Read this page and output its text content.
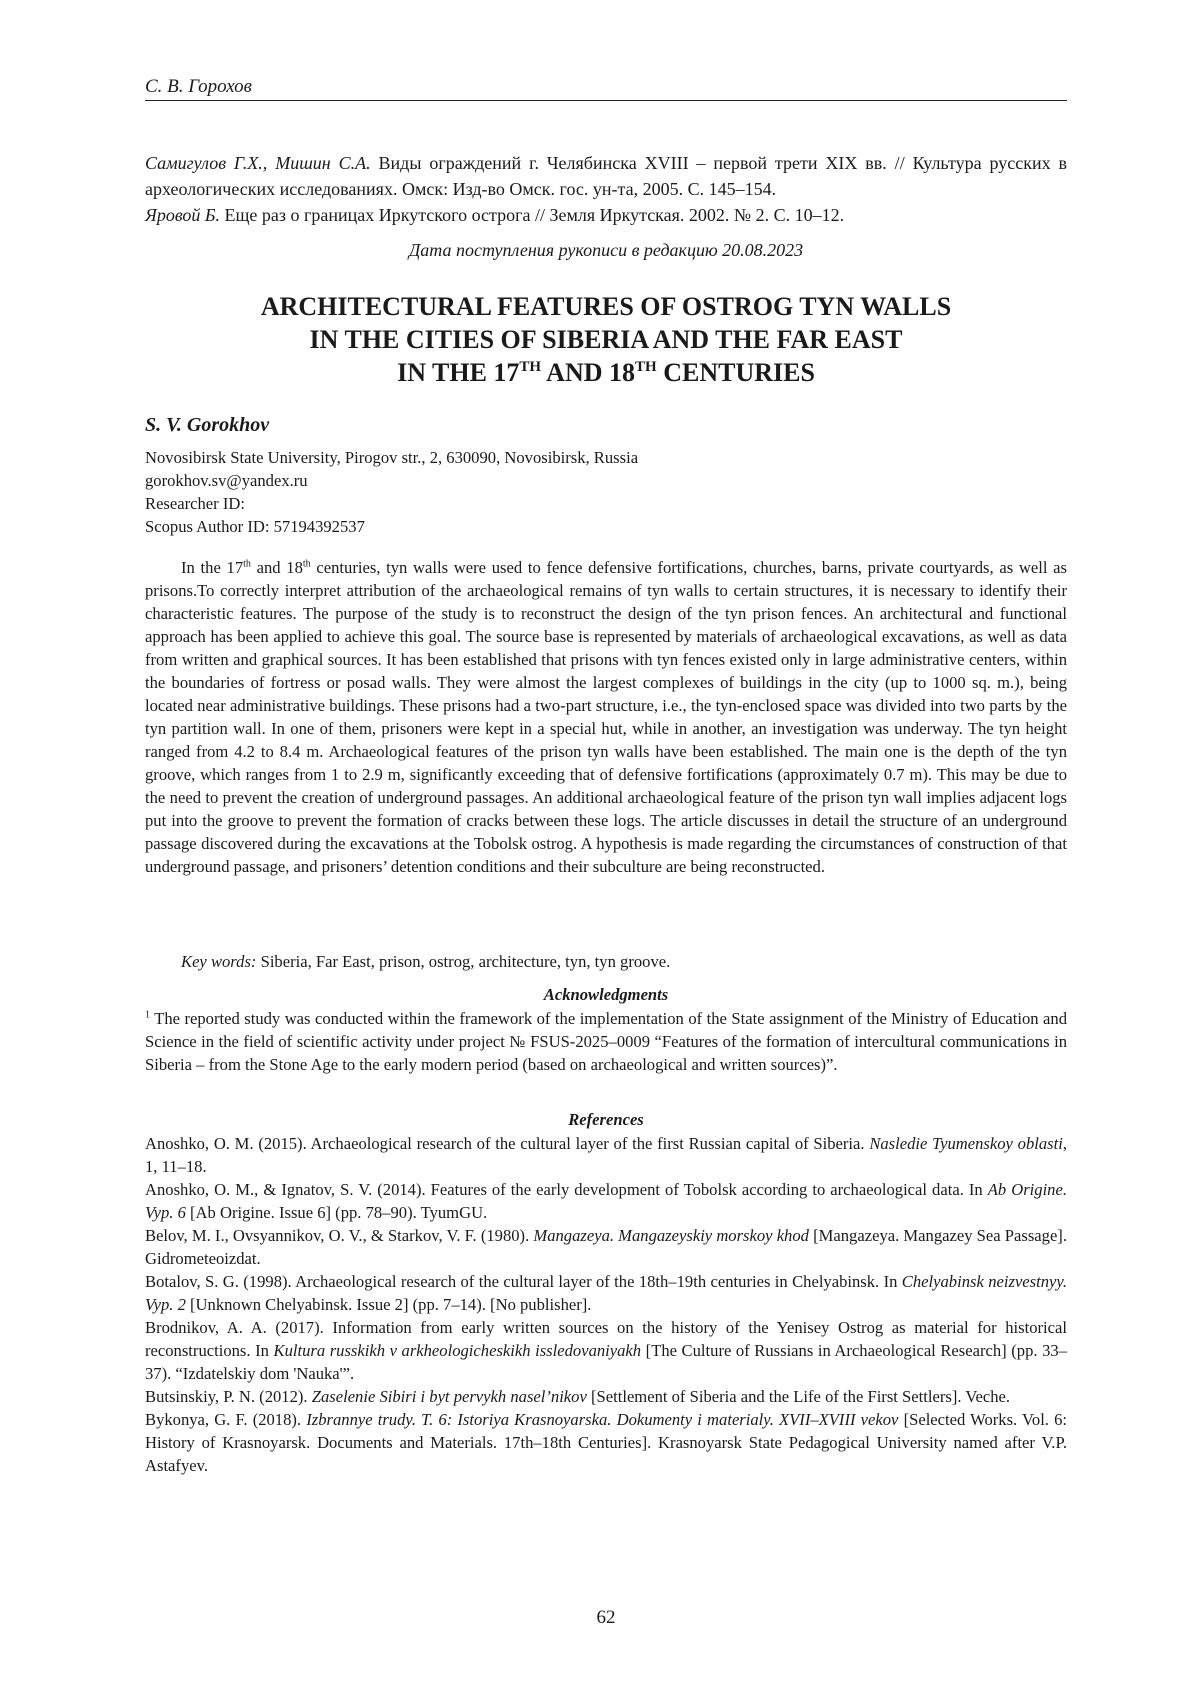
С. В. Горохов

Самигулов Г.Х., Мишин С.А. Виды ограждений г. Челябинска XVIII – первой трети XIX вв. // Культура русских в археологических исследованиях. Омск: Изд-во Омск. гос. ун-та, 2005. С. 145–154.

Яровой Б. Еще раз о границах Иркутского острога // Земля Иркутская. 2002. № 2. С. 10–12.

Дата поступления рукописи в редакцию 20.08.2023
ARCHITECTURAL FEATURES OF OSTROG TYN WALLS
IN THE CITIES OF SIBERIA AND THE FAR EAST
IN THE 17TH AND 18TH CENTURIES
S. V. Gorokhov
Novosibirsk State University, Pirogov str., 2, 630090, Novosibirsk, Russia
gorokhov.sv@yandex.ru
Researcher ID:
Scopus Author ID: 57194392537

In the 17th and 18th centuries, tyn walls were used to fence defensive fortifications, churches, barns, private courtyards, as well as prisons.To correctly interpret attribution of the archaeological remains of tyn walls to certain structures, it is necessary to identify their characteristic features. The purpose of the study is to reconstruct the design of the tyn prison fences. An architectural and functional approach has been applied to achieve this goal. The source base is represented by materials of archaeological excavations, as well as data from written and graphical sources. It has been established that prisons with tyn fences existed only in large administrative centers, within the boundaries of fortress or posad walls. They were almost the largest complexes of buildings in the city (up to 1000 sq. m.), being located near administrative buildings. These prisons had a two-part structure, i.e., the tyn-enclosed space was divided into two parts by the tyn partition wall. In one of them, prisoners were kept in a special hut, while in another, an investigation was underway. The tyn height ranged from 4.2 to 8.4 m. Archaeological features of the prison tyn walls have been established. The main one is the depth of the tyn groove, which ranges from 1 to 2.9 m, significantly exceeding that of defensive fortifications (approximately 0.7 m). This may be due to the need to prevent the creation of underground passages. An additional archaeological feature of the prison tyn wall implies adjacent logs put into the groove to prevent the formation of cracks between these logs. The article discusses in detail the structure of an underground passage discovered during the excavations at the Tobolsk ostrog. A hypothesis is made regarding the circumstances of construction of that underground passage, and prisoners’ detention conditions and their subculture are being reconstructed.

Key words: Siberia, Far East, prison, ostrog, architecture, tyn, tyn groove.
Acknowledgments

1 The reported study was conducted within the framework of the implementation of the State assignment of the Ministry of Education and Science in the field of scientific activity under project № FSUS-2025–0009 “Features of the formation of intercultural communications in Siberia – from the Stone Age to the early modern period (based on archaeological and written sources)”.

References

Anoshko, O. M. (2015). Archaeological research of the cultural layer of the first Russian capital of Siberia. Nasledie Tyumenskoy oblasti, 1, 11–18.

Anoshko, O. M., & Ignatov, S. V. (2014). Features of the early development of Tobolsk according to archaeological data. In Ab Origine. Vyp. 6 [Ab Origine. Issue 6] (pp. 78–90). TyumGU.

Belov, M. I., Ovsyannikov, O. V., & Starkov, V. F. (1980). Mangazeya. Mangazeyskiy morskoy khod [Mangazeya. Mangazey Sea Passage]. Gidrometeoizdat.

Botalov, S. G. (1998). Archaeological research of the cultural layer of the 18th–19th centuries in Chelyabinsk. In Chelyabinsk neizvestnyy. Vyp. 2 [Unknown Chelyabinsk. Issue 2] (pp. 7–14). [No publisher].

Brodnikov, A. A. (2017). Information from early written sources on the history of the Yenisey Ostrog as material for historical reconstructions. In Kultura russkikh v arkheologicheskikh issledovaniyakh [The Culture of Russians in Archaeological Research] (pp. 33–37). “Izdatelskiy dom 'Nauka'”.

Butsinskiy, P. N. (2012). Zaselenie Sibiri i byt pervykh nasel’nikov [Settlement of Siberia and the Life of the First Settlers]. Veche.

Bykonya, G. F. (2018). Izbrannye trudy. T. 6: Istoriya Krasnoyarska. Dokumenty i materialy. XVII–XVIII vekov [Selected Works. Vol. 6: History of Krasnoyarsk. Documents and Materials. 17th–18th Centuries]. Krasnoyarsk State Pedagogical University named after V.P. Astafyev.

62
